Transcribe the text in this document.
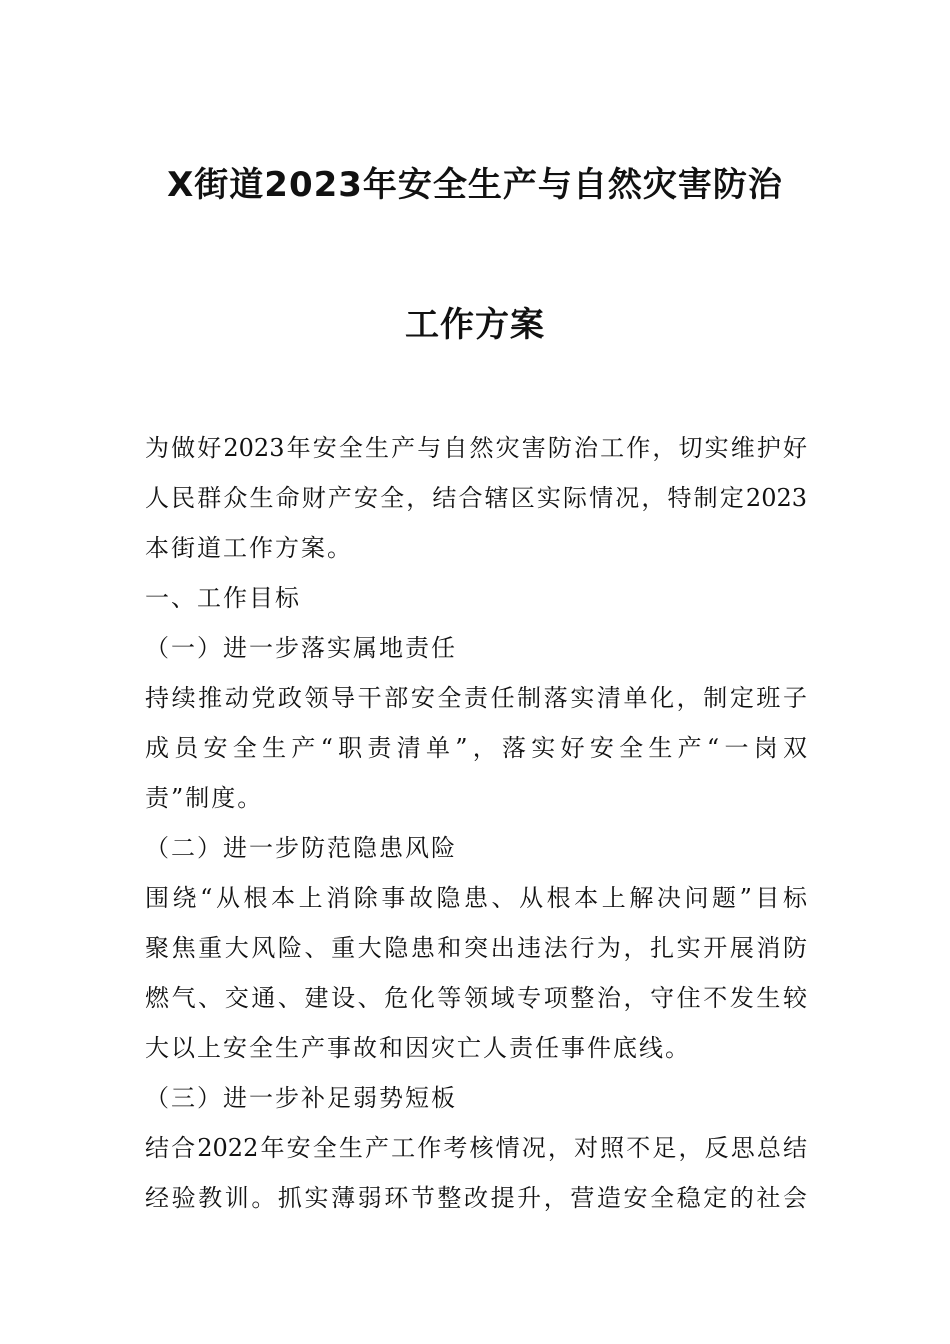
X街道2023年安全生产与自然灾害防治
工作方案
为做好2023年安全生产与自然灾害防治工作，切实维护好
人民群众生命财产安全，结合辖区实际情况，特制定2023
本街道工作方案。
一、工作目标
（一）进一步落实属地责任
持续推动党政领导干部安全责任制落实清单化，制定班子
成员安全生产“职责清单”，落实好安全生产“一岗双
责”制度。
（二）进一步防范隐患风险
围绕“从根本上消除事故隐患、从根本上解决问题”目标
聚焦重大风险、重大隐患和突出违法行为，扎实开展消防
燃气、交通、建设、危化等领域专项整治，守住不发生较
大以上安全生产事故和因灾亡人责任事件底线。
（三）进一步补足弱势短板
结合2022年安全生产工作考核情况，对照不足，反思总结
经验教训。抓实薄弱环节整改提升，营造安全稳定的社会
